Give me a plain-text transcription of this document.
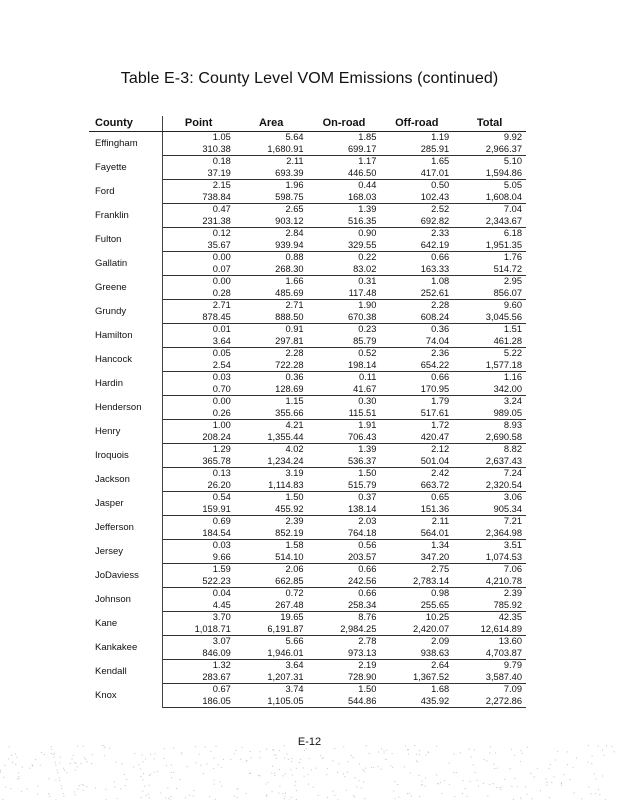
Table E-3: County Level VOM Emissions (continued)
County	Point	Area	On-road	Off-road	Total
Effingham	1.05	5.64	1.85	1.19	9.92
	310.38	1,680.91	699.17	285.91	2,966.37
Fayette	0.18	2.11	1.17	1.65	5.10
	37.19	693.39	446.50	417.01	1,594.86
Ford	2.15	1.96	0.44	0.50	5.05
	738.84	598.75	168.03	102.43	1,608.04
Franklin	0.47	2.65	1.39	2.52	7.04
	231.38	903.12	516.35	692.82	2,343.67
Fulton	0.12	2.84	0.90	2.33	6.18
	35.67	939.94	329.55	642.19	1,951.35
Gallatin	0.00	0.88	0.22	0.66	1.76
	0.07	268.30	83.02	163.33	514.72
Greene	0.00	1.66	0.31	1.08	2.95
	0.28	485.69	117.48	252.61	856.07
Grundy	2.71	2.71	1.90	2.28	9.60
	878.45	888.50	670.38	608.24	3,045.56
Hamilton	0.01	0.91	0.23	0.36	1.51
	3.64	297.81	85.79	74.04	461.28
Hancock	0.05	2.28	0.52	2.36	5.22
	2.54	722.28	198.14	654.22	1,577.18
Hardin	0.03	0.36	0.11	0.66	1.16
	0.70	128.69	41.67	170.95	342.00
Henderson	0.00	1.15	0.30	1.79	3.24
	0.26	355.66	115.51	517.61	989.05
Henry	1.00	4.21	1.91	1.72	8.93
	208.24	1,355.44	706.43	420.47	2,690.58
Iroquois	1.29	4.02	1.39	2.12	8.82
	365.78	1,234.24	536.37	501.04	2,637.43
Jackson	0.13	3.19	1.50	2.42	7.24
	26.20	1,114.83	515.79	663.72	2,320.54
Jasper	0.54	1.50	0.37	0.65	3.06
	159.91	455.92	138.14	151.36	905.34
Jefferson	0.69	2.39	2.03	2.11	7.21
	184.54	852.19	764.18	564.01	2,364.98
Jersey	0.03	1.58	0.56	1.34	3.51
	9.66	514.10	203.57	347.20	1,074.53
JoDaviess	1.59	2.06	0.66	2.75	7.06
	522.23	662.85	242.56	2,783.14	4,210.78
Johnson	0.04	0.72	0.66	0.98	2.39
	4.45	267.48	258.34	255.65	785.92
Kane	3.70	19.65	8.76	10.25	42.35
	1,018.71	6,191.87	2,984.25	2,420.07	12,614.89
Kankakee	3.07	5.66	2.78	2.09	13.60
	846.09	1,946.01	973.13	938.63	4,703.87
Kendall	1.32	3.64	2.19	2.64	9.79
	283.67	1,207.31	728.90	1,367.52	3,587.40
Knox	0.67	3.74	1.50	1.68	7.09
	186.05	1,105.05	544.86	435.92	2,272.86
E-12
